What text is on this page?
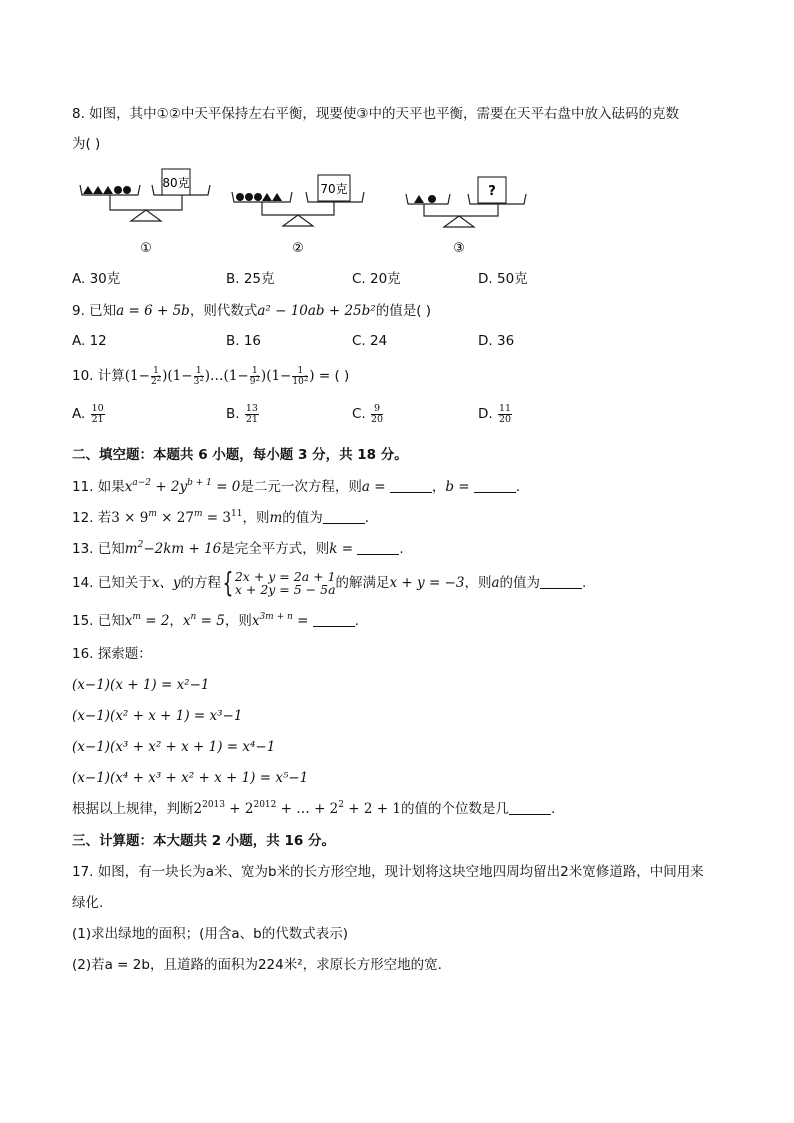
8. 如图，其中①②中天平保持左右平衡，现要使③中的天平也平衡，需要在天平右盘中放入砝码的克数
为( )
80克
①
70克
②
?
③
A. 30克	B. 25克	C. 20克	D. 50克
9. 已知a = 6 + 5b，则代数式a² − 10ab + 25b²的值是( )
A. 12	B. 16	C. 24	D. 36
10. 计算$(1- \frac{1}{2^2} )(1- \frac{1}{3^2}$ )…(1− $\frac{1}{9^2} )(1- \frac{1}{10^2}$ ) = ( )
A. $\frac{10}{21}$	B. $\frac{13}{21}$	C. $\frac{9}{20}$	D. $\frac{11}{20}$
二、填空题：本题共 6 小题，每小题 3 分，共 18 分。
11. 如果$x^{a-2} + 2y^{b + 1} = 0$是二元一次方程，则a =	，b =	.
12. 若$3 \times 9^m \times 27^m = 3^{11}$，则m的值为	.
13. 已知$m^2-2km + 16$是完全平方式，则k =	.
14. 已知关于x、y的方程{ 2x + y = 2a + 1
x + 2y = 5 − 5a 的解满足x + y = −3，则a的值为	.
15. 已知$x^m = 2$，$x^n = 5$，则$x^{3m + n}$ =	.
16. 探索题：
(x−1)(x + 1) = x²−1
(x−1)(x² + x + 1) = x³−1
(x−1)(x³ + x² + x + 1) = x⁴−1
(x−1)(x⁴ + x³ + x² + x + 1) = x⁵−1
根据以上规律，判断$2^{2013} + 2^{2012}$ + … + $2^2 + 2 + 1$的值的个位数是几	.
三、计算题：本大题共 2 小题，共 16 分。
17. 如图，有一块长为a米、宽为b米的长方形空地，现计划将这块空地四周均留出2米宽修道路，中间用来
绿化.
(1)求出绿地的面积；(用含a、b的代数式表示)
(2)若a = 2b，且道路的面积为224米²，求原长方形空地的宽.
